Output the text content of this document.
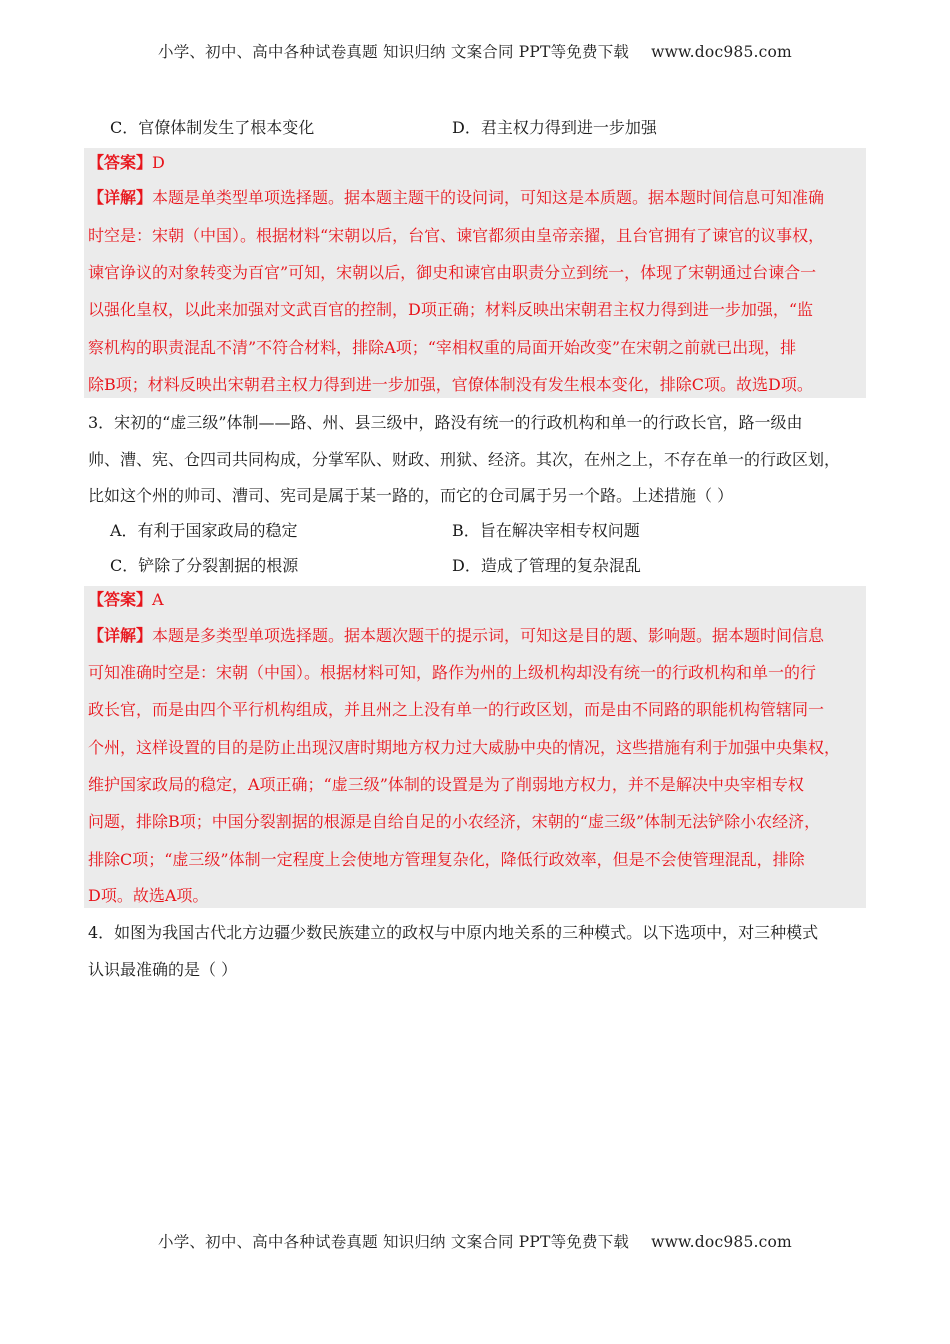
小学、初中、高中各种试卷真题 知识归纳 文案合同 PPT等免费下载 www.doc985.com
C．官僚体制发生了根本变化	D．君主权力得到进一步加强
【答案】D
【详解】本题是单类型单项选择题。据本题主题干的设问词，可知这是本质题。据本题时间信息可知准确
时空是：宋朝（中国）。根据材料“宋朝以后，台官、谏官都须由皇帝亲擢，且台官拥有了谏官的议事权，
谏官诤议的对象转变为百官”可知，宋朝以后，御史和谏官由职责分立到统一，体现了宋朝通过台谏合一
以强化皇权，以此来加强对文武百官的控制，D项正确；材料反映出宋朝君主权力得到进一步加强，“监
察机构的职责混乱不清”不符合材料，排除A项；“宰相权重的局面开始改变”在宋朝之前就已出现，排
除B项；材料反映出宋朝君主权力得到进一步加强，官僚体制没有发生根本变化，排除C项。故选D项。
3．宋初的“虚三级”体制——路、州、县三级中，路没有统一的行政机构和单一的行政长官，路一级由
帅、漕、宪、仓四司共同构成，分掌军队、财政、刑狱、经济。其次，在州之上，不存在单一的行政区划，
比如这个州的帅司、漕司、宪司是属于某一路的，而它的仓司属于另一个路。上述措施（ ）
A．有利于国家政局的稳定	B．旨在解决宰相专权问题
C．铲除了分裂割据的根源	D．造成了管理的复杂混乱
【答案】A
【详解】本题是多类型单项选择题。据本题次题干的提示词，可知这是目的题、影响题。据本题时间信息
可知准确时空是：宋朝（中国）。根据材料可知，路作为州的上级机构却没有统一的行政机构和单一的行
政长官，而是由四个平行机构组成，并且州之上没有单一的行政区划，而是由不同路的职能机构管辖同一
个州，这样设置的目的是防止出现汉唐时期地方权力过大威胁中央的情况，这些措施有利于加强中央集权，
维护国家政局的稳定，A项正确；“虚三级”体制的设置是为了削弱地方权力，并不是解决中央宰相专权
问题，排除B项；中国分裂割据的根源是自给自足的小农经济，宋朝的“虚三级”体制无法铲除小农经济，
排除C项；“虚三级”体制一定程度上会使地方管理复杂化，降低行政效率，但是不会使管理混乱，排除
D项。故选A项。
4．如图为我国古代北方边疆少数民族建立的政权与中原内地关系的三种模式。以下选项中，对三种模式
认识最准确的是（ ）
小学、初中、高中各种试卷真题 知识归纳 文案合同 PPT等免费下载 www.doc985.com
